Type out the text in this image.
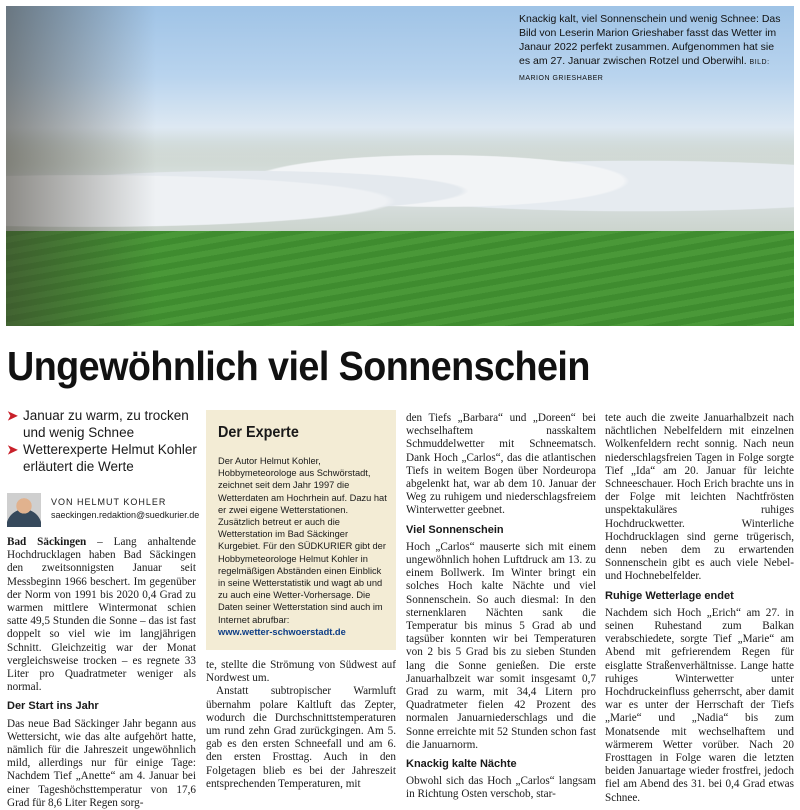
Knackig kalt, viel Sonnenschein und wenig Schnee: Das Bild von Leserin Marion Grieshaber fasst das Wetter im Janaur 2022 perfekt zusammen. Aufgenommen hat sie es am 27. Januar zwischen Rotzel und Oberwihl. BILD: MARION GRIESHABER
Ungewöhnlich viel Sonnenschein
➤ Januar zu warm, zu trocken und wenig Schnee
➤ Wetterexperte Helmut Kohler erläutert die Werte
VON HELMUT KOHLER
saeckingen.redaktion@suedkurier.de

Bad Säckingen – Lang anhaltende Hochdrucklagen haben Bad Säckingen den zweitsonnigsten Januar seit Messbeginn 1966 beschert. Im gegenüber der Norm von 1991 bis 2020 0,4 Grad zu warmen mittlere Wintermonat schien satte 49,5 Stunden die Sonne – das ist fast doppelt so viel wie im langjährigen Schnitt. Gleichzeitig war der Monat vergleichsweise trocken – es regnete 33 Liter pro Quadratmeter weniger als normal.

Der Start ins Jahr

Das neue Bad Säckinger Jahr begann aus Wettersicht, wie das alte aufgehört hatte, nämlich für die Jahreszeit ungewöhnlich mild, allerdings nur für einige Tage: Nachdem Tief „Anette“ am 4. Januar bei einer Tageshöchsttemperatur von 17,6 Grad für 8,6 Liter Regen sorg-

Der Experte
Der Autor Helmut Kohler, Hobbymeteorologe aus Schwörstadt, zeichnet seit dem Jahr 1997 die Wetterdaten am Hochrhein auf. Dazu hat er zwei eigene Wetterstationen. Zusätzlich betreut er auch die Wetterstation im Bad Säckinger Kurgebiet. Für den SÜDKURIER gibt der Hobbymeteorologe Helmut Kohler in regelmäßigen Abständen einen Einblick in seine Wetterstatistik und wagt ab und zu auch eine Wetter-Vorhersage. Die Daten seiner Wetterstation sind auch im Internet abrufbar:
www.wetter-schwoerstadt.de

te, stellte die Strömung von Südwest auf Nordwest um.

Anstatt subtropischer Warmluft übernahm polare Kaltluft das Zepter, wodurch die Durchschnittstemperaturen um rund zehn Grad zurückgingen. Am 5. gab es den ersten Schneefall und am 6. den ersten Frosttag. Auch in den Folgetagen blieb es bei der Jahreszeit entsprechenden Temperaturen, mit

den Tiefs „Barbara“ und „Doreen“ bei wechselhaftem nasskaltem Schmuddelwetter mit Schneematsch. Dank Hoch „Carlos“, das die atlantischen Tiefs in weitem Bogen über Nordeuropa abgelenkt hat, war ab dem 10. Januar der Weg zu ruhigem und niederschlagsfreiem Winterwetter geebnet.

Viel Sonnenschein

Hoch „Carlos“ mauserte sich mit einem ungewöhnlich hohen Luftdruck am 13. zu einem Bollwerk. Im Winter bringt ein solches Hoch kalte Nächte und viel Sonnenschein. So auch diesmal: In den sternenklaren Nächten sank die Temperatur bis minus 5 Grad ab und tagsüber konnten wir bei Temperaturen von 2 bis 5 Grad bis zu sieben Stunden lang die Sonne genießen. Die erste Januarhalbzeit war somit insgesamt 0,7 Grad zu warm, mit 34,4 Litern pro Quadratmeter fielen 42 Prozent des normalen Januarniederschlags und die Sonne erreichte mit 52 Stunden schon fast die Januarnorm.

Knackig kalte Nächte

Obwohl sich das Hoch „Carlos“ langsam in Richtung Osten verschob, star-

tete auch die zweite Januarhalbzeit nach nächtlichen Nebelfeldern mit einzelnen Wolkenfeldern recht sonnig. Nach neun niederschlagsfreien Tagen in Folge sorgte Tief „Ida“ am 20. Januar für leichte Schneeschauer. Hoch Erich brachte uns in der Folge mit leichten Nachtfrösten unspektakuläres ruhiges Hochdruckwetter. Winterliche Hochdrucklagen sind gerne trügerisch, denn neben dem zu erwartenden Sonnenschein gibt es auch viele Nebel- und Hochnebelfelder.

Ruhige Wetterlage endet

Nachdem sich Hoch „Erich“ am 27. in seinen Ruhestand zum Balkan verabschiedete, sorgte Tief „Marie“ am Abend mit gefrierendem Regen für eisglatte Straßenverhältnisse. Lange hatte ruhiges Winterwetter unter Hochdruckeinfluss geherrscht, aber damit war es unter der Herrschaft der Tiefs „Marie“ und „Nadia“ bis zum Monatsende mit wechselhaftem und wärmerem Wetter vorüber. Nach 20 Frosttagen in Folge waren die letzten beiden Januartage wieder frostfrei, jedoch fiel am Abend des 31. bei 0,4 Grad etwas Schnee.
